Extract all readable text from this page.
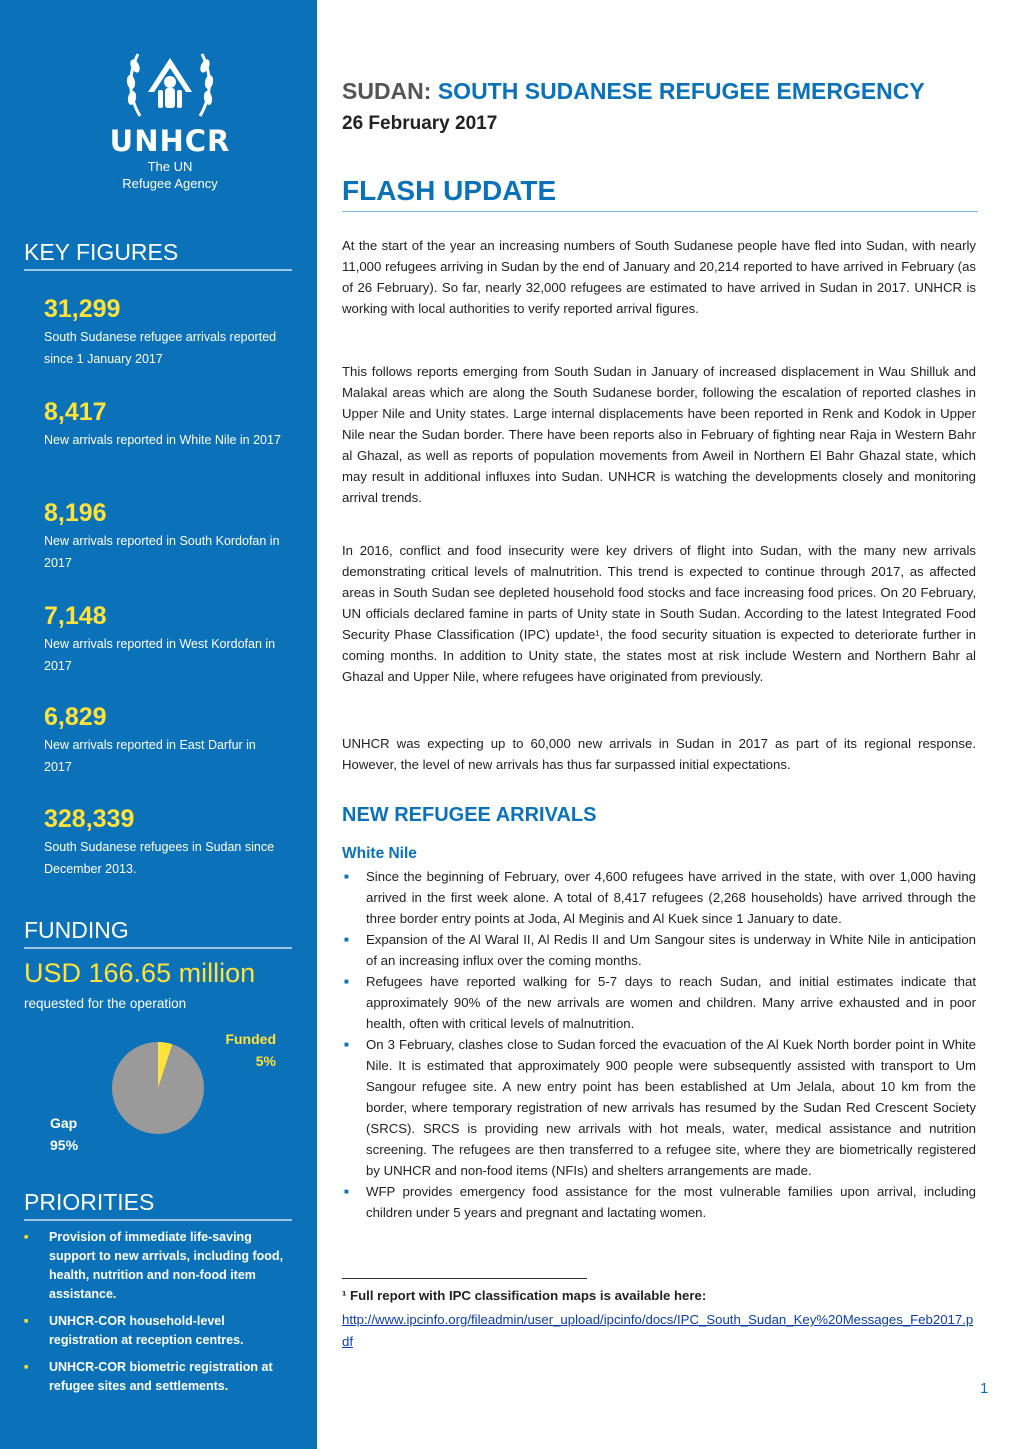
UNHCR
The UN
Refugee Agency
KEY FIGURES
31,299
South Sudanese refugee arrivals reported since 1 January 2017
8,417
New arrivals reported in White Nile in 2017
8,196
New arrivals reported in South Kordofan in 2017
7,148
New arrivals reported in West Kordofan in 2017
6,829
New arrivals reported in East Darfur in 2017
328,339
South Sudanese refugees in Sudan since December 2013.
FUNDING
USD 166.65 million
requested for the operation
Funded
5%
Gap
95%
PRIORITIES
■ Provision of immediate life-saving support to new arrivals, including food, health, nutrition and non-food item assistance.
■ UNHCR-COR household-level registration at reception centres.
■ UNHCR-COR biometric registration at refugee sites and settlements.
SUDAN: SOUTH SUDANESE REFUGEE EMERGENCY
26 February 2017
FLASH UPDATE
At the start of the year an increasing numbers of South Sudanese people have fled into Sudan, with nearly 11,000 refugees arriving in Sudan by the end of January and 20,214 reported to have arrived in February (as of 26 February). So far, nearly 32,000 refugees are estimated to have arrived in Sudan in 2017. UNHCR is working with local authorities to verify reported arrival figures.
This follows reports emerging from South Sudan in January of increased displacement in Wau Shilluk and Malakal areas which are along the South Sudanese border, following the escalation of reported clashes in Upper Nile and Unity states. Large internal displacements have been reported in Renk and Kodok in Upper Nile near the Sudan border. There have been reports also in February of fighting near Raja in Western Bahr al Ghazal, as well as reports of population movements from Aweil in Northern El Bahr Ghazal state, which may result in additional influxes into Sudan. UNHCR is watching the developments closely and monitoring arrival trends.
In 2016, conflict and food insecurity were key drivers of flight into Sudan, with the many new arrivals demonstrating critical levels of malnutrition. This trend is expected to continue through 2017, as affected areas in South Sudan see depleted household food stocks and face increasing food prices. On 20 February, UN officials declared famine in parts of Unity state in South Sudan. According to the latest Integrated Food Security Phase Classification (IPC) update¹, the food security situation is expected to deteriorate further in coming months. In addition to Unity state, the states most at risk include Western and Northern Bahr al Ghazal and Upper Nile, where refugees have originated from previously.
UNHCR was expecting up to 60,000 new arrivals in Sudan in 2017 as part of its regional response. However, the level of new arrivals has thus far surpassed initial expectations.
NEW REFUGEE ARRIVALS
White Nile
■ Since the beginning of February, over 4,600 refugees have arrived in the state, with over 1,000 having arrived in the first week alone. A total of 8,417 refugees (2,268 households) have arrived through the three border entry points at Joda, Al Meginis and Al Kuek since 1 January to date.
■ Expansion of the Al Waral II, Al Redis II and Um Sangour sites is underway in White Nile in anticipation of an increasing influx over the coming months.
■ Refugees have reported walking for 5-7 days to reach Sudan, and initial estimates indicate that approximately 90% of the new arrivals are women and children. Many arrive exhausted and in poor health, often with critical levels of malnutrition.
■ On 3 February, clashes close to Sudan forced the evacuation of the Al Kuek North border point in White Nile. It is estimated that approximately 900 people were subsequently assisted with transport to Um Sangour refugee site. A new entry point has been established at Um Jelala, about 10 km from the border, where temporary registration of new arrivals has resumed by the Sudan Red Crescent Society (SRCS). SRCS is providing new arrivals with hot meals, water, medical assistance and nutrition screening. The refugees are then transferred to a refugee site, where they are biometrically registered by UNHCR and non-food items (NFIs) and shelters arrangements are made.
■ WFP provides emergency food assistance for the most vulnerable families upon arrival, including children under 5 years and pregnant and lactating women.
¹ Full report with IPC classification maps is available here:
http://www.ipcinfo.org/fileadmin/user_upload/ipcinfo/docs/IPC_South_Sudan_Key%20Messages_Feb2017.pdf
1
